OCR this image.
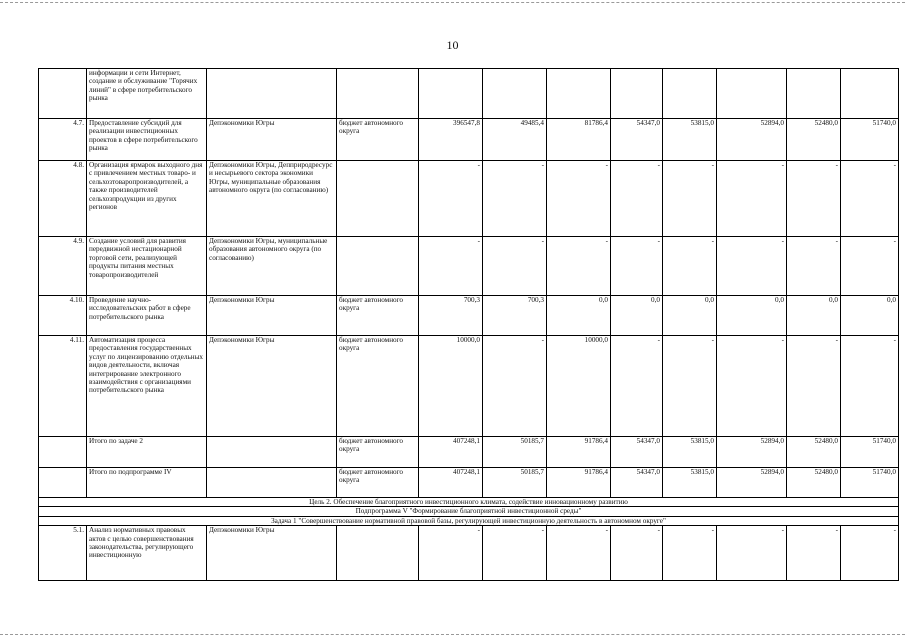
10
	информации и сети Интернет, создание и обслуживание "Горячих линий" в сфере потребительского рынка										
4.7.	Предоставление субсидий для реализации инвестиционных проектов в сфере потребительского рынка	Депэкономики Югры	бюджет автономного округа	396547,8	49485,4	81786,4	54347,0	53815,0	52894,0	52480,0	51740,0
4.8.	Организация ярмарок выходного дня с привлечением местных товаро- и сельхозтоваропроизводителей, а также производителей сельхозпродукции из других регионов	Депэкономики Югры, Депприродресурс и несырьевого сектора экономики Югры, муниципальные образования автономного округа (по согласованию)		-	-	-	-	-	-	-	-
4.9.	Создание условий для развития передвижной нестационарной торговой сети, реализующей продукты питания местных товаропроизводителей	Депэкономики Югры, муниципальные образования автономного округа (по согласованию)		-	-	-	-	-	-	-	-
4.10.	Проведение научно-исследовательских работ в сфере потребительского рынка	Депэкономики Югры	бюджет автономного округа	700,3	700,3	0,0	0,0	0,0	0,0	0,0	0,0
4.11.	Автоматизация процесса предоставления государственных услуг по лицензированию отдельных видов деятельности, включая интегрирование электронного взаимодействия с организациями потребительского рынка	Депэкономики Югры	бюджет автономного округа	10000,0	-	10000,0	-	-	-	-	-
	Итого по задаче 2		бюджет автономного округа	407248,1	50185,7	91786,4	54347,0	53815,0	52894,0	52480,0	51740,0
	Итого по подпрограмме IV		бюджет автономного округа	407248,1	50185,7	91786,4	54347,0	53815,0	52894,0	52480,0	51740,0
Цель 2. Обеспечение благоприятного инвестиционного климата, содействие инновационному развитию											
Подпрограмма V "Формирование благоприятной инвестиционной среды"											
Задача 1 "Совершенствование нормативной правовой базы, регулирующей инвестиционную деятельность в автономном округе"											
5.1.	Анализ нормативных правовых актов с целью совершенствования законодательства, регулирующего инвестиционную	Депэкономики Югры		-	-	-	-	-	-	-	-
